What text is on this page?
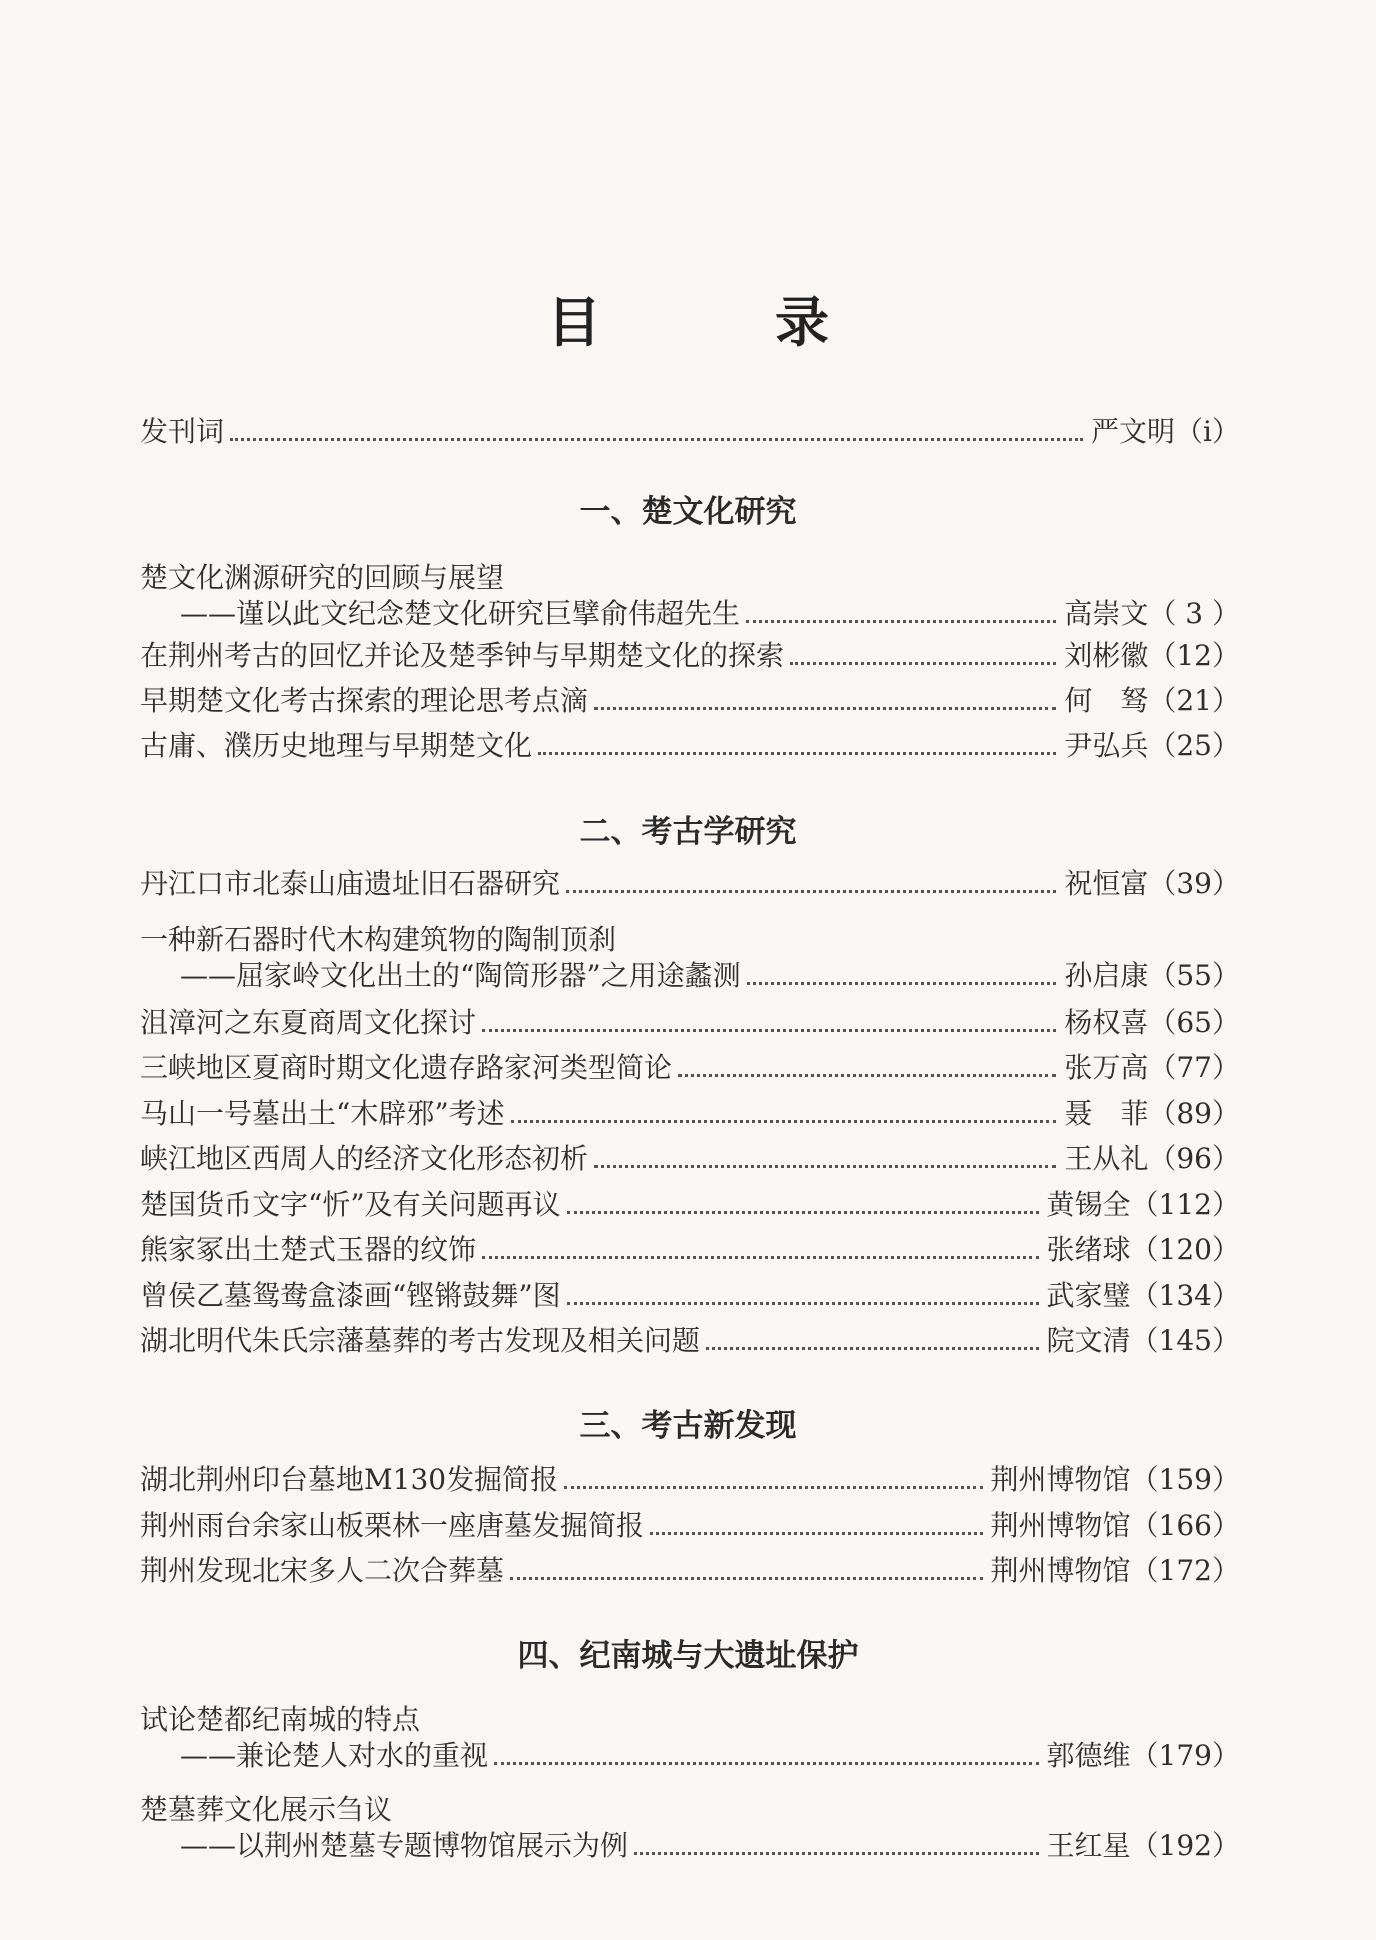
目　录
发刊词	严文明 （ⅰ）
一、楚文化研究
楚文化渊源研究的回顾与展望
——谨以此文纪念楚文化研究巨擘俞伟超先生	高崇文 （ 3 ）
在荆州考古的回忆并论及楚季钟与早期楚文化的探索	刘彬徽 （12）
早期楚文化考古探索的理论思考点滴	何　驽 （21）
古庸、濮历史地理与早期楚文化	尹弘兵 （25）
二、考古学研究
丹江口市北泰山庙遗址旧石器研究	祝恒富 （39）
一种新石器时代木构建筑物的陶制顶刹
——屈家岭文化出土的“陶筒形器”之用途蠡测	孙启康 （55）
沮漳河之东夏商周文化探讨	杨权喜 （65）
三峡地区夏商时期文化遗存路家河类型简论	张万高 （77）
马山一号墓出土“木辟邪”考述	聂　菲 （89）
峡江地区西周人的经济文化形态初析	王从礼 （96）
楚国货币文字“忻”及有关问题再议	黄锡全 （112）
熊家冢出土楚式玉器的纹饰	张绪球 （120）
曾侯乙墓鸳鸯盒漆画“铿锵鼓舞”图	武家璧 （134）
湖北明代朱氏宗藩墓葬的考古发现及相关问题	院文清 （145）
三、考古新发现
湖北荆州印台墓地M130发掘简报	荆州博物馆 （159）
荆州雨台余家山板栗林一座唐墓发掘简报	荆州博物馆 （166）
荆州发现北宋多人二次合葬墓	荆州博物馆 （172）
四、纪南城与大遗址保护
试论楚都纪南城的特点
——兼论楚人对水的重视	郭德维 （179）
楚墓葬文化展示刍议
——以荆州楚墓专题博物馆展示为例	王红星 （192）
